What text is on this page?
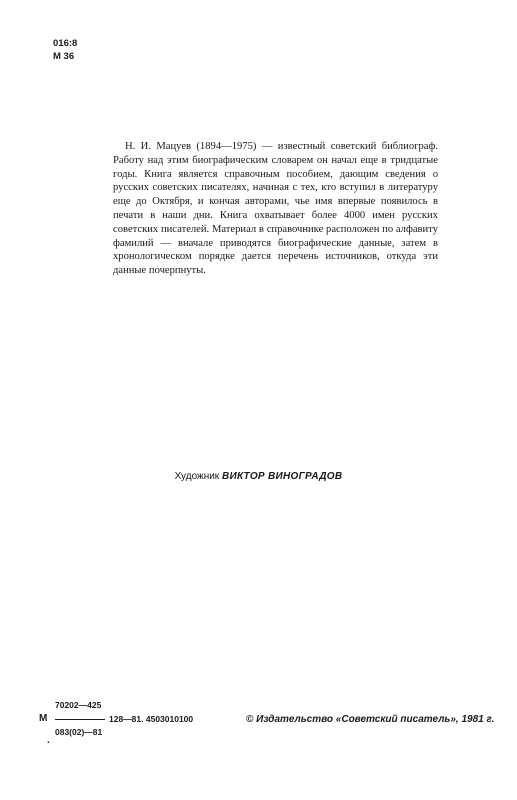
016:8
М 36

Н. И. Мацуев (1894—1975) — известный советский библиограф. Работу над этим биографическим словарем он начал еще в тридцатые годы. Книга является справочным пособием, дающим сведения о русских советских писателях, начиная с тех, кто вступил в литературу еще до Октября, и кончая авторами, чье имя впервые появилось в печати в наши дни. Книга охватывает более 4000 имен русских советских писателей. Материал в справочнике расположен по алфавиту фамилий — вначале приводятся биографические данные, затем в хронологическом порядке дается перечень источников, откуда эти данные почерпнуты.

Художник ВИКТОР ВИНОГРАДОВ
70202—425
М	128—81. 4503010100
083(02)—81
.
© Издательство «Советский писатель», 1981 г.
